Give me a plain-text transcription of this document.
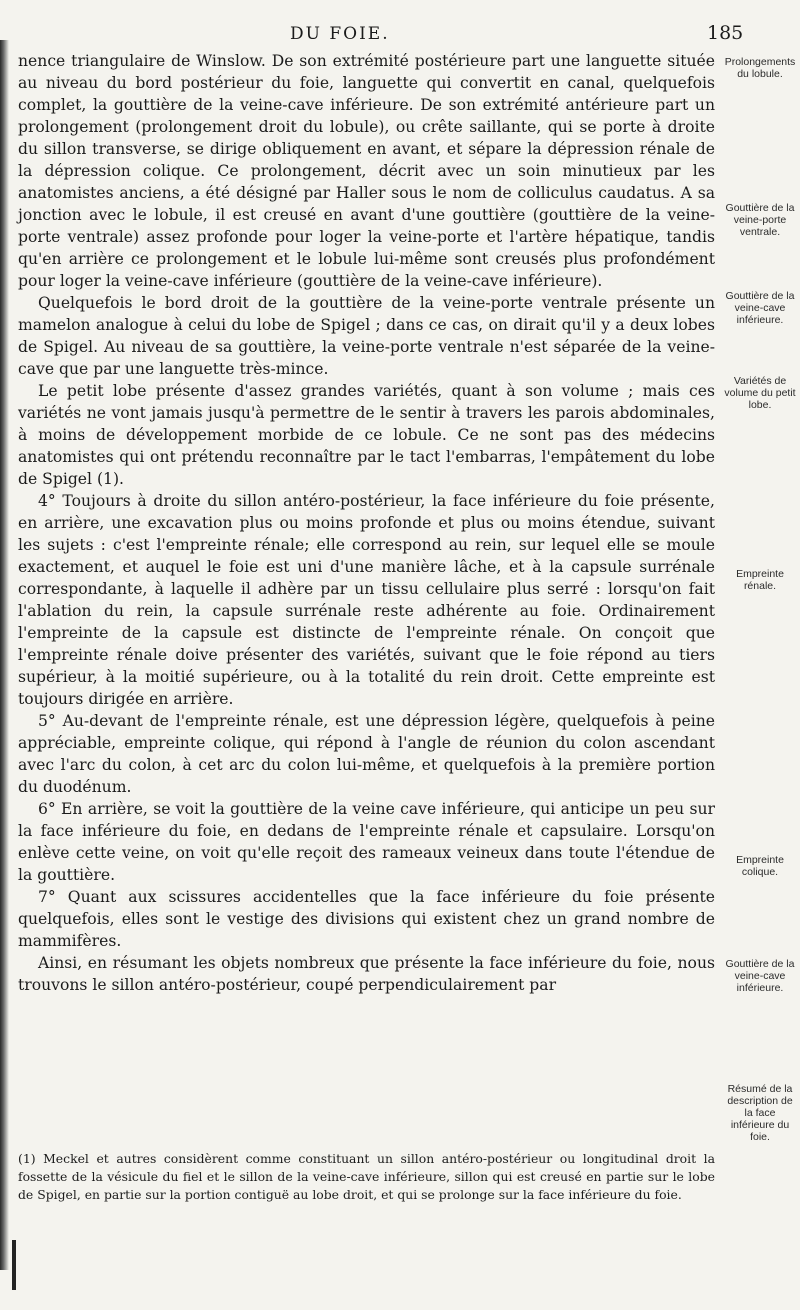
DU FOIE.	185

nence triangulaire de Winslow. De son extrémité postérieure part une languette située au niveau du bord postérieur du foie, languette qui convertit en canal, quelquefois complet, la gouttière de la veine-cave inférieure. De son extrémité antérieure part un prolongement (prolongement droit du lobule), ou crête saillante, qui se porte à droite du sillon transverse, se dirige obliquement en avant, et sépare la dépression rénale de la dépression colique. Ce prolongement, décrit avec un soin minutieux par les anatomistes anciens, a été désigné par Haller sous le nom de colliculus caudatus. A sa jonction avec le lobule, il est creusé en avant d'une gouttière (gouttière de la veine-porte ventrale) assez profonde pour loger la veine-porte et l'artère hépatique, tandis qu'en arrière ce prolongement et le lobule lui-même sont creusés plus profondément pour loger la veine-cave inférieure (gouttière de la veine-cave inférieure).

Quelquefois le bord droit de la gouttière de la veine-porte ventrale présente un mamelon analogue à celui du lobe de Spigel ; dans ce cas, on dirait qu'il y a deux lobes de Spigel. Au niveau de sa gouttière, la veine-porte ventrale n'est séparée de la veine-cave que par une languette très-mince.

Le petit lobe présente d'assez grandes variétés, quant à son volume ; mais ces variétés ne vont jamais jusqu'à permettre de le sentir à travers les parois abdominales, à moins de développement morbide de ce lobule. Ce ne sont pas des médecins anatomistes qui ont prétendu reconnaître par le tact l'embarras, l'empâtement du lobe de Spigel (1).

4° Toujours à droite du sillon antéro-postérieur, la face inférieure du foie présente, en arrière, une excavation plus ou moins profonde et plus ou moins étendue, suivant les sujets : c'est l'empreinte rénale; elle correspond au rein, sur lequel elle se moule exactement, et auquel le foie est uni d'une manière lâche, et à la capsule surrénale correspondante, à laquelle il adhère par un tissu cellulaire plus serré : lorsqu'on fait l'ablation du rein, la capsule surrénale reste adhérente au foie. Ordinairement l'empreinte de la capsule est distincte de l'empreinte rénale. On conçoit que l'empreinte rénale doive présenter des variétés, suivant que le foie répond au tiers supérieur, à la moitié supérieure, ou à la totalité du rein droit. Cette empreinte est toujours dirigée en arrière.

5° Au-devant de l'empreinte rénale, est une dépression légère, quelquefois à peine appréciable, empreinte colique, qui répond à l'angle de réunion du colon ascendant avec l'arc du colon, à cet arc du colon lui-même, et quelquefois à la première portion du duodénum.

6° En arrière, se voit la gouttière de la veine cave inférieure, qui anticipe un peu sur la face inférieure du foie, en dedans de l'empreinte rénale et capsulaire. Lorsqu'on enlève cette veine, on voit qu'elle reçoit des rameaux veineux dans toute l'étendue de la gouttière.

7° Quant aux scissures accidentelles que la face inférieure du foie présente quelquefois, elles sont le vestige des divisions qui existent chez un grand nombre de mammifères.

Ainsi, en résumant les objets nombreux que présente la face inférieure du foie, nous trouvons le sillon antéro-postérieur, coupé perpendiculairement par

Prolongements du lobule.
Gouttière de la veine-porte ventrale.
Gouttière de la veine-cave inférieure.
Variétés de volume du petit lobe.
Empreinte rénale.
Empreinte colique.
Gouttière de la veine-cave inférieure.
Résumé de la description de la face inférieure du foie.

(1) Meckel et autres considèrent comme constituant un sillon antéro-postérieur ou longitudinal droit la fossette de la vésicule du fiel et le sillon de la veine-cave inférieure, sillon qui est creusé en partie sur le lobe de Spigel, en partie sur la portion contiguë au lobe droit, et qui se prolonge sur la face inférieure du foie.
